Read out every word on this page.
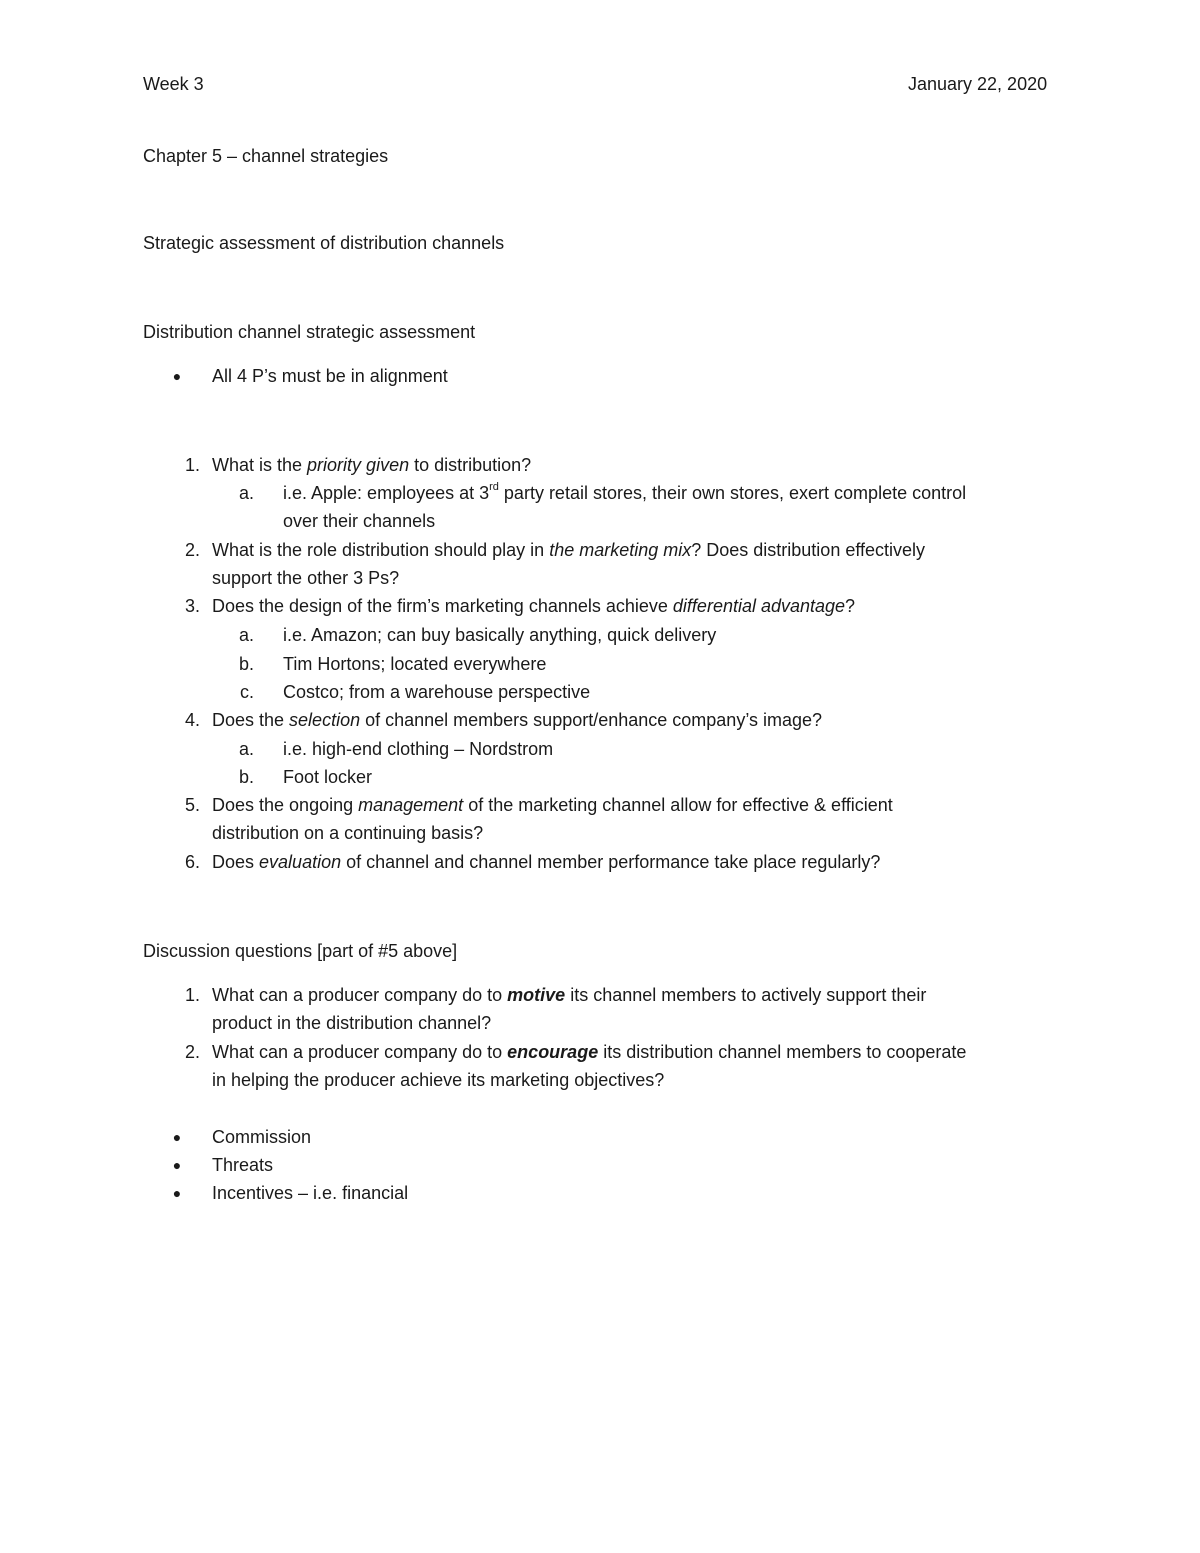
Week 3	January 22, 2020
Chapter 5 – channel strategies
Strategic assessment of distribution channels
Distribution channel strategic assessment
● All 4 P’s must be in alignment
1. What is the priority given to distribution?
a. i.e. Apple: employees at 3rd party retail stores, their own stores, exert complete control
over their channels
2. What is the role distribution should play in the marketing mix? Does distribution effectively
support the other 3 Ps?
3. Does the design of the firm’s marketing channels achieve differential advantage?
a. i.e. Amazon; can buy basically anything, quick delivery
b. Tim Hortons; located everywhere
c. Costco; from a warehouse perspective
4. Does the selection of channel members support/enhance company’s image?
a. i.e. high-end clothing – Nordstrom
b. Foot locker
5. Does the ongoing management of the marketing channel allow for effective & efficient
distribution on a continuing basis?
6. Does evaluation of channel and channel member performance take place regularly?
Discussion questions [part of #5 above]
1. What can a producer company do to motive its channel members to actively support their
product in the distribution channel?
2. What can a producer company do to encourage its distribution channel members to cooperate
in helping the producer achieve its marketing objectives?
● Commission
● Threats
● Incentives – i.e. financial
